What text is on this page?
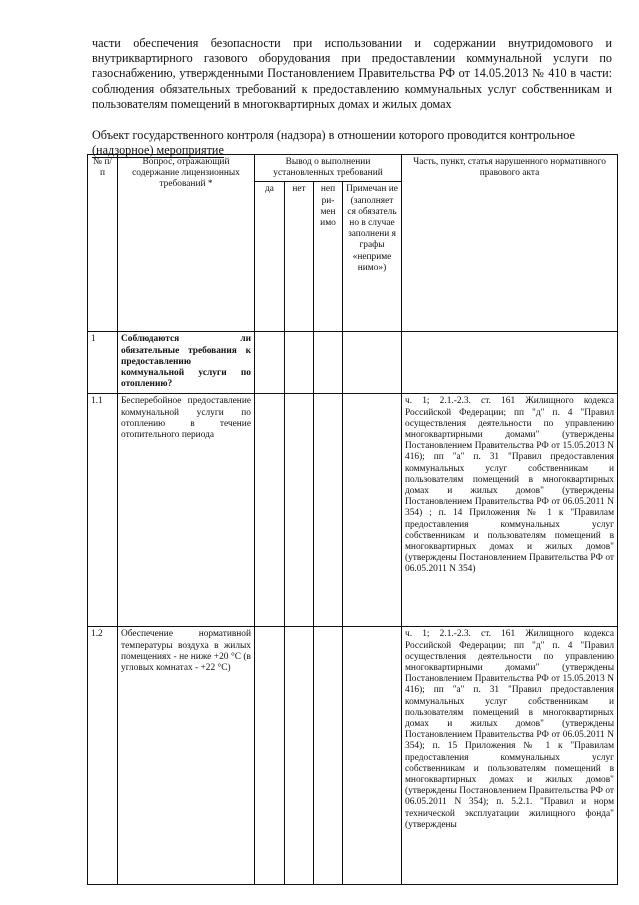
части обеспечения безопасности при использовании и содержании внутридомового и внутриквартирного газового оборудования при предоставлении коммунальной услуги по газоснабжению, утвержденными Постановлением Правительства РФ от 14.05.2013 № 410 в части: соблюдения обязательных требований к предоставлению коммунальных услуг собственникам и пользователям помещений в многоквартирных домах и жилых домах

Объект государственного контроля (надзора) в отношении которого проводится контрольное (надзорное) мероприятие
№ п/п	Вопрос, отражающий содержание лицензионных требований *	Вывод о выполнении установленных требований				Часть, пункт, статья нарушенного нормативного правового акта
		да	нет	неп ри- мен имо	Примечан ие (заполняет ся обязатель но в случае заполнени я графы «неприме нимо»)	
1	Соблюдаются ли обязательные требования к предоставлению коммунальной услуги по отоплению?					
1.1	Бесперебойное предоставление коммунальной услуги по отоплению в течение отопительного периода					ч. 1; 2.1.-2.3. ст. 161 Жилищного кодекса Российской Федерации; пп "д" п. 4 "Правил осуществления деятельности по управлению многоквартирными домами" (утверждены Постановлением Правительства РФ от 15.05.2013 N 416); пп "а" п. 31 "Правил предоставления коммунальных услуг собственникам и пользователям помещений в многоквартирных домах и жилых домов" (утверждены Постановлением Правительства РФ от 06.05.2011 N 354) ; п. 14 Приложения № 1 к "Правилам предоставления коммунальных услуг собственникам и пользователям помещений в многоквартирных домах и жилых домов" (утверждены Постановлением Правительства РФ от 06.05.2011 N 354)
1.2	Обеспечение нормативной температуры воздуха в жилых помещениях - не ниже +20 °С (в угловых комнатах - +22 °С)					ч. 1; 2.1.-2.3. ст. 161 Жилищного кодекса Российской Федерации; пп "д" п. 4 "Правил осуществления деятельности по управлению многоквартирными домами" (утверждены Постановлением Правительства РФ от 15.05.2013 N 416); пп "а" п. 31 "Правил предоставления коммунальных услуг собственникам и пользователям помещений в многоквартирных домах и жилых домов" (утверждены Постановлением Правительства РФ от 06.05.2011 N 354); п. 15 Приложения № 1 к "Правилам предоставления коммунальных услуг собственникам и пользователям помещений в многоквартирных домах и жилых домов" (утверждены Постановлением Правительства РФ от 06.05.2011 N 354); п. 5.2.1. "Правил и норм технической эксплуатации жилищного фонда" (утверждены
